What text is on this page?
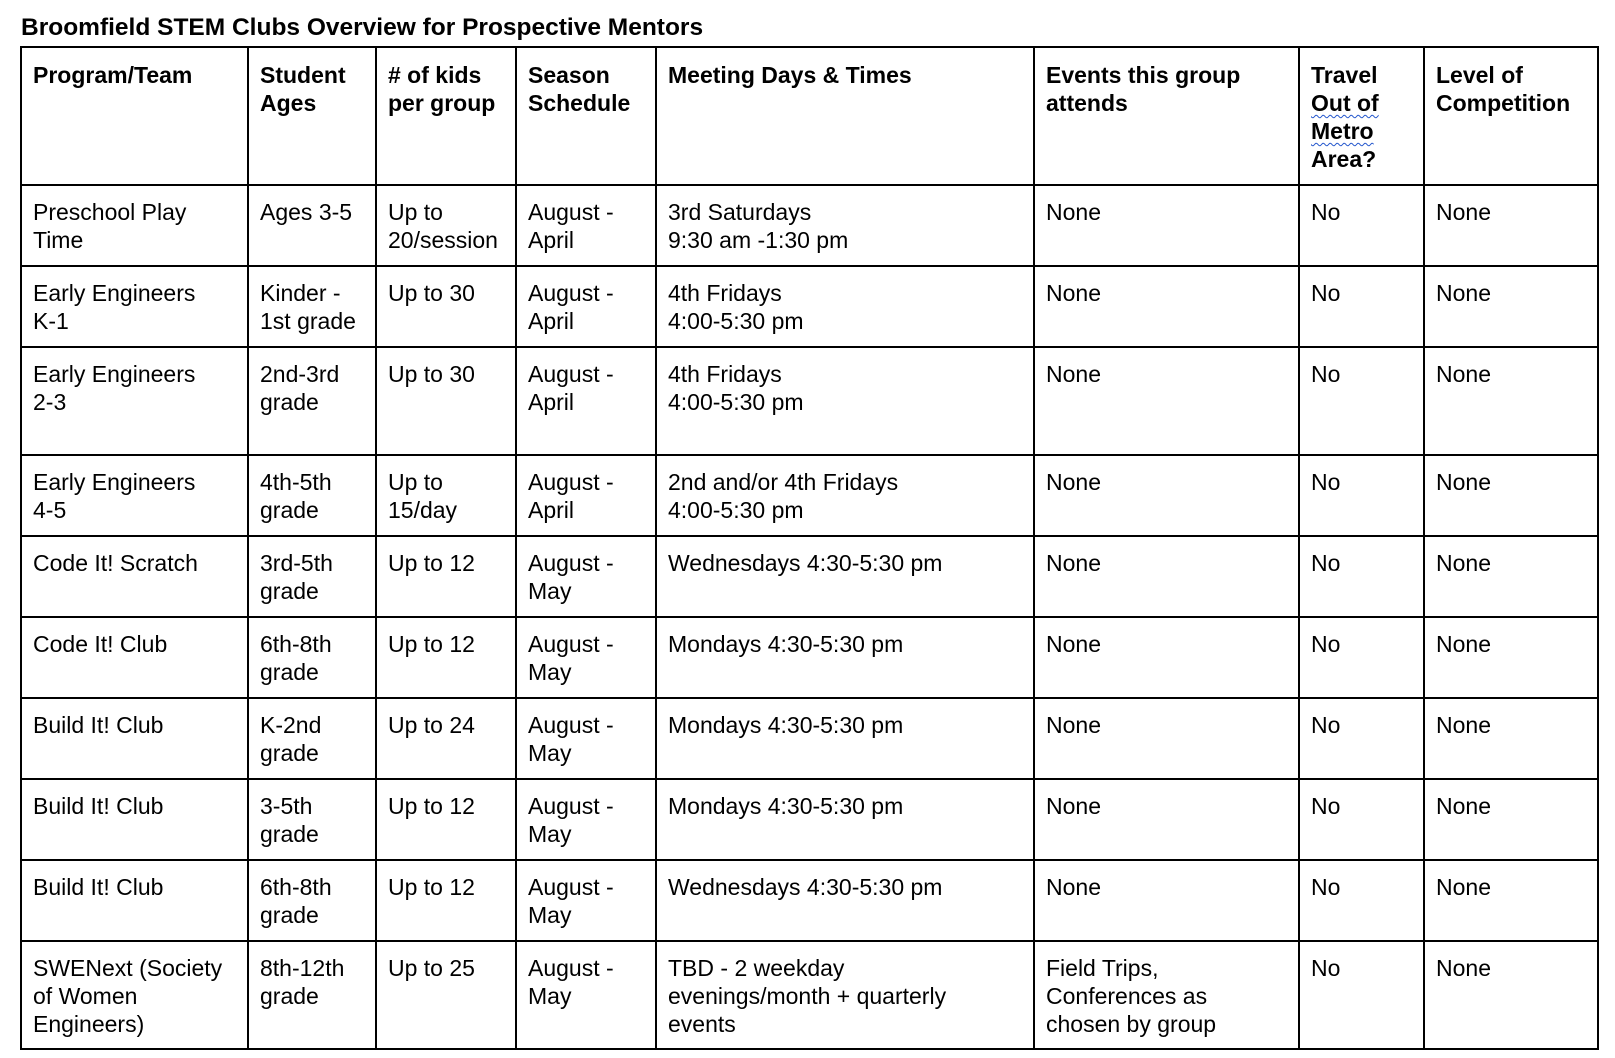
Broomfield STEM Clubs Overview for Prospective Mentors
Program/Team	Student
Ages	# of kids
per group	Season
Schedule	Meeting Days & Times	Events this group
attends	Travel
Out of
Metro
Area?	Level of
Competition

Preschool Play
Time	Ages 3-5	Up to
20/session	August -
April	3rd Saturdays
9:30 am -1:30 pm	None	No	None

Early Engineers
K-1	Kinder -
1st grade	Up to 30	August -
April	4th Fridays
4:00-5:30 pm	None	No	None

Early Engineers
2-3	2nd-3rd
grade	Up to 30	August -
April	4th Fridays
4:00-5:30 pm	None	No	None

Early Engineers
4-5	4th-5th
grade	Up to
15/day	August -
April	2nd and/or 4th Fridays
4:00-5:30 pm	None	No	None

Code It! Scratch	3rd-5th
grade	Up to 12	August -
May	Wednesdays 4:30-5:30 pm	None	No	None

Code It! Club	6th-8th
grade	Up to 12	August -
May	Mondays 4:30-5:30 pm	None	No	None

Build It! Club	K-2nd
grade	Up to 24	August -
May	Mondays 4:30-5:30 pm	None	No	None

Build It! Club	3-5th
grade	Up to 12	August -
May	Mondays 4:30-5:30 pm	None	No	None

Build It! Club	6th-8th
grade	Up to 12	August -
May	Wednesdays 4:30-5:30 pm	None	No	None

SWENext (Society
of Women
Engineers)	8th-12th
grade	Up to 25	August -
May	TBD - 2 weekday
evenings/month + quarterly
events	Field Trips,
Conferences as
chosen by group	No	None
